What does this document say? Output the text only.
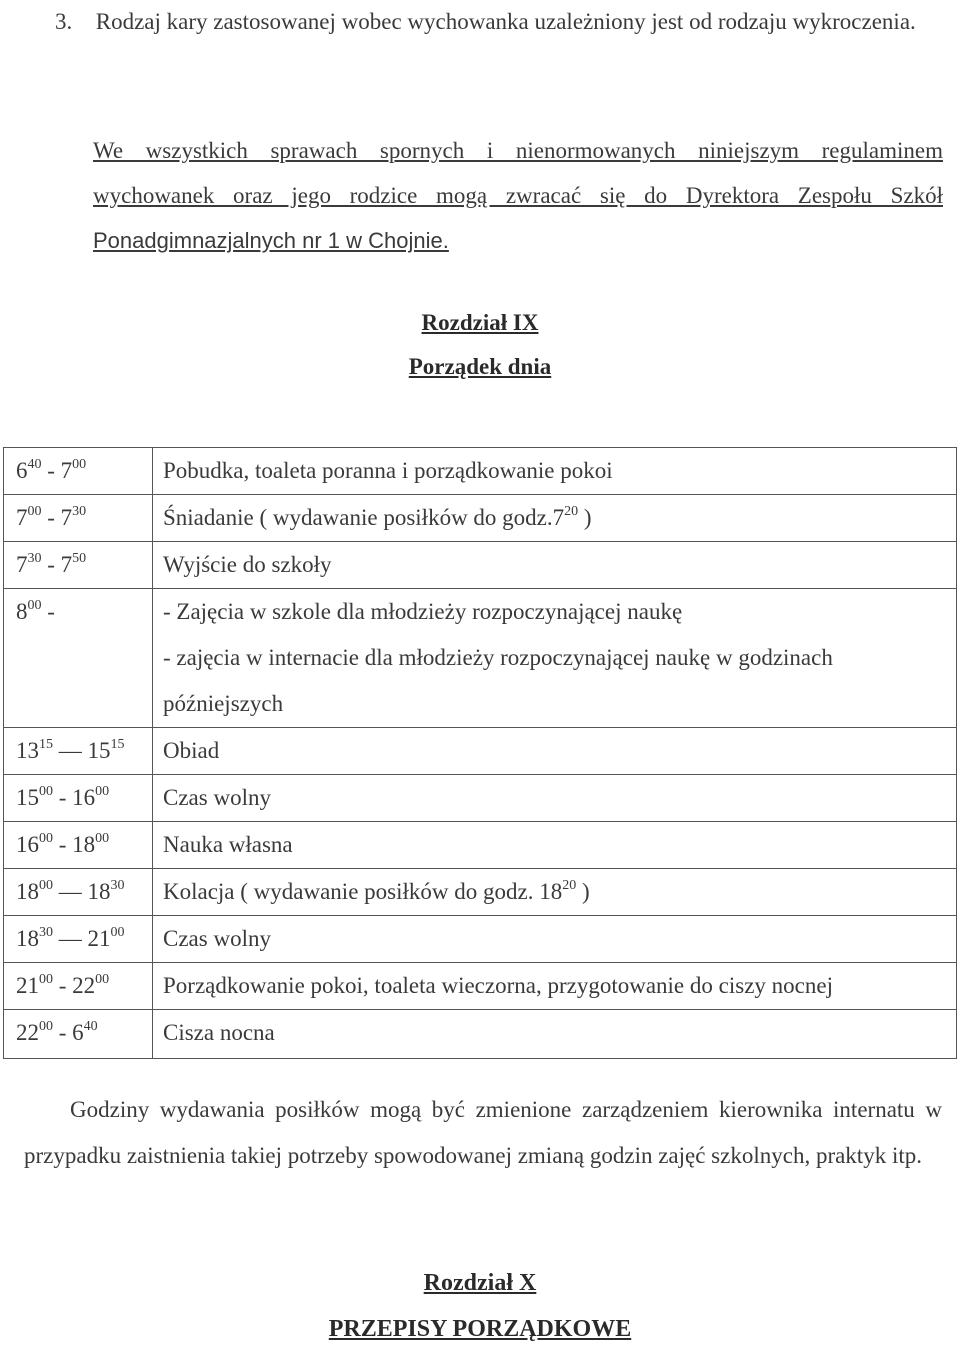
3. Rodzaj kary zastosowanej wobec wychowanka uzależniony jest od rodzaju wykroczenia.
We wszystkich sprawach spornych i nienormowanych niniejszym regulaminem wychowanek oraz jego rodzice mogą zwracać się do Dyrektora Zespołu Szkół Ponadgimnazjalnych nr 1 w Chojnie.
Rozdział IX
Porządek dnia
$6^{40} - 7^{00}$	Pobudka, toaleta poranna i porządkowanie pokoi
$7^{00} - 7^{30}$	Śniadanie ( wydawanie posiłków do $godz.7^{20}$ )
$7^{30} - 7^{50}$	Wyjście do szkoły

$8^{00}$ -	- Zajęcia w szkole dla młodzieży rozpoczynającej naukę
- zajęcia w internacie dla młodzieży rozpoczynającej naukę w godzinach
późniejszych

$13^{15}$ — $15^{15}$	Obiad
$15^{00} - 16^{00}$	Czas wolny
$16^{00} - 18^{00}$	Nauka własna
$18^{00}$ — $18^{30}$	Kolacja ( wydawanie posiłków do godz. $18^{20}$ )
$18^{30}$ — $21^{00}$	Czas wolny
$21^{00} - 22^{00}$	Porządkowanie pokoi, toaleta wieczorna, przygotowanie do ciszy nocnej
$22^{00} - 6^{40}$	Cisza nocna
Godziny wydawania posiłków mogą być zmienione zarządzeniem kierownika internatu w przypadku zaistnienia takiej potrzeby spowodowanej zmianą godzin zajęć szkolnych, praktyk itp.
Rozdział X
PRZEPISY PORZĄDKOWE
